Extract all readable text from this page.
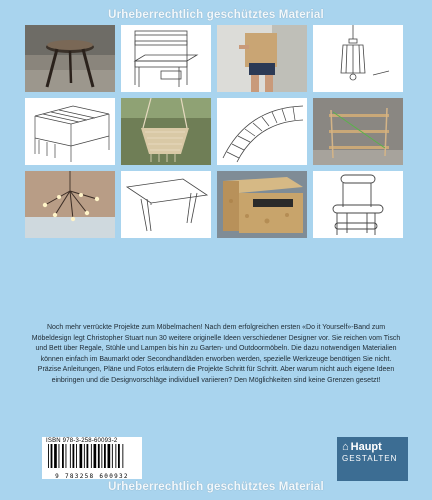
Urheberrechtlich geschütztes Material
Noch mehr verrückte Projekte zum Möbelmachen! Nach dem erfolgreichen ersten «Do it Yourself»-Band zum Möbeldesign legt Christopher Stuart nun 30 weitere originelle Ideen verschiedener Designer vor. Sie reichen vom Tisch und Bett über Regale, Stühle und Lampen bis hin zu Garten- und Outdoormöbeln. Die dazu notwendigen Materialien können einfach im Baumarkt oder Secondhandläden erworben werden, spezielle Werkzeuge benötigen Sie nicht. Präzise Anleitungen, Pläne und Fotos erläutern die Projekte Schritt für Schritt. Aber warum nicht auch eigene Ideen einbringen und die Designvorschläge individuell variieren? Den Möglichkeiten sind keine Grenzen gesetzt!
ISBN 978-3-258-60093-2
9 783258 600932
⌂ Haupt
GESTALTEN
Urheberrechtlich geschütztes Material
